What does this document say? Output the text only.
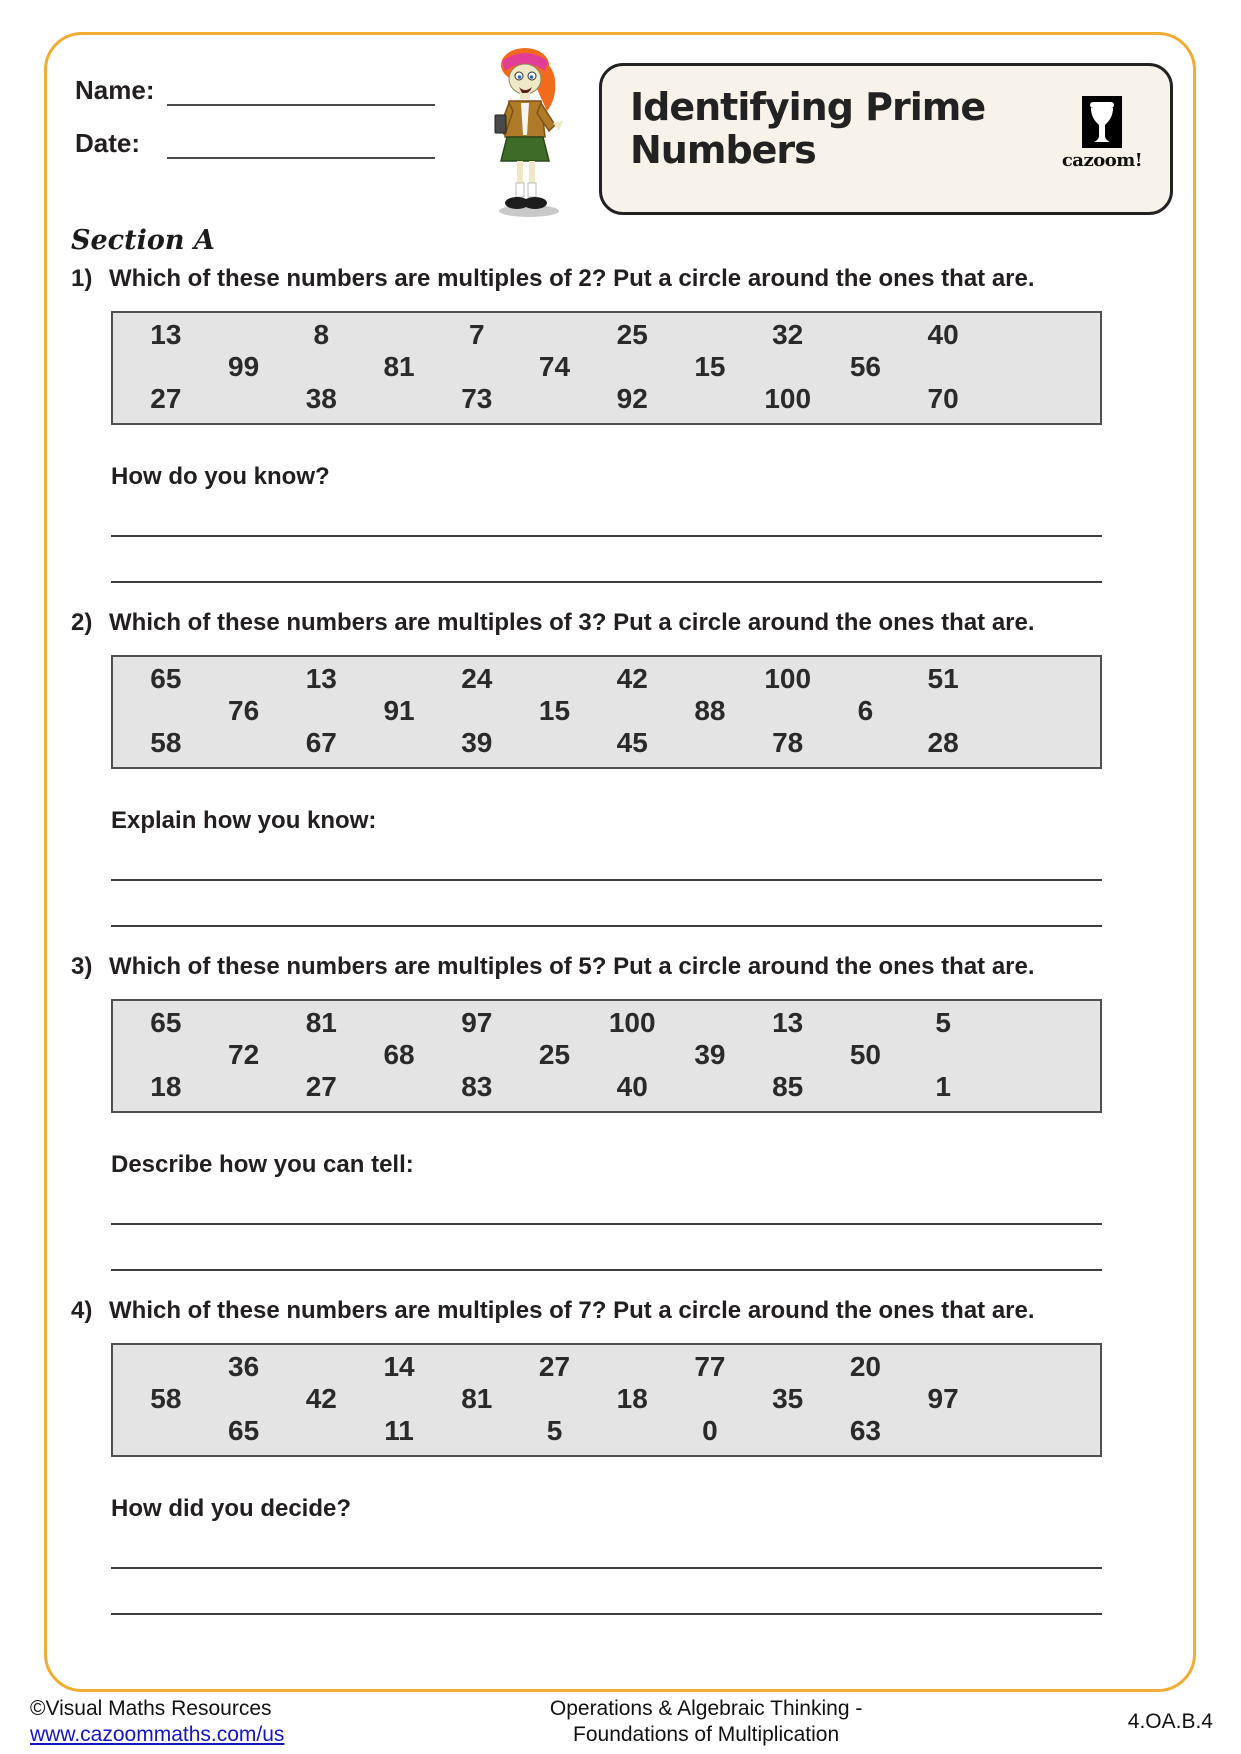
Name:
Date:
Identifying Prime Numbers	cazoom!
Section A
1) Which of these numbers are multiples of 2? Put a circle around the ones that are.
13	8	7	25	32	40
99	81	74	15	56
27	38	73	92	100	70
How do you know?
2) Which of these numbers are multiples of 3? Put a circle around the ones that are.
65	13	24	42	100	51
76	91	15	88	6
58	67	39	45	78	28
Explain how you know:
3) Which of these numbers are multiples of 5? Put a circle around the ones that are.
65	81	97	100	13	5
72	68	25	39	50
18	27	83	40	85	1
Describe how you can tell:
4) Which of these numbers are multiples of 7? Put a circle around the ones that are.
36	14	27	77	20
58	42	81	18	35	97
65	11	5	0	63
How did you decide?
©Visual Maths Resources
www.cazoommaths.com/us
Operations & Algebraic Thinking -
Foundations of Multiplication
4.OA.B.4
